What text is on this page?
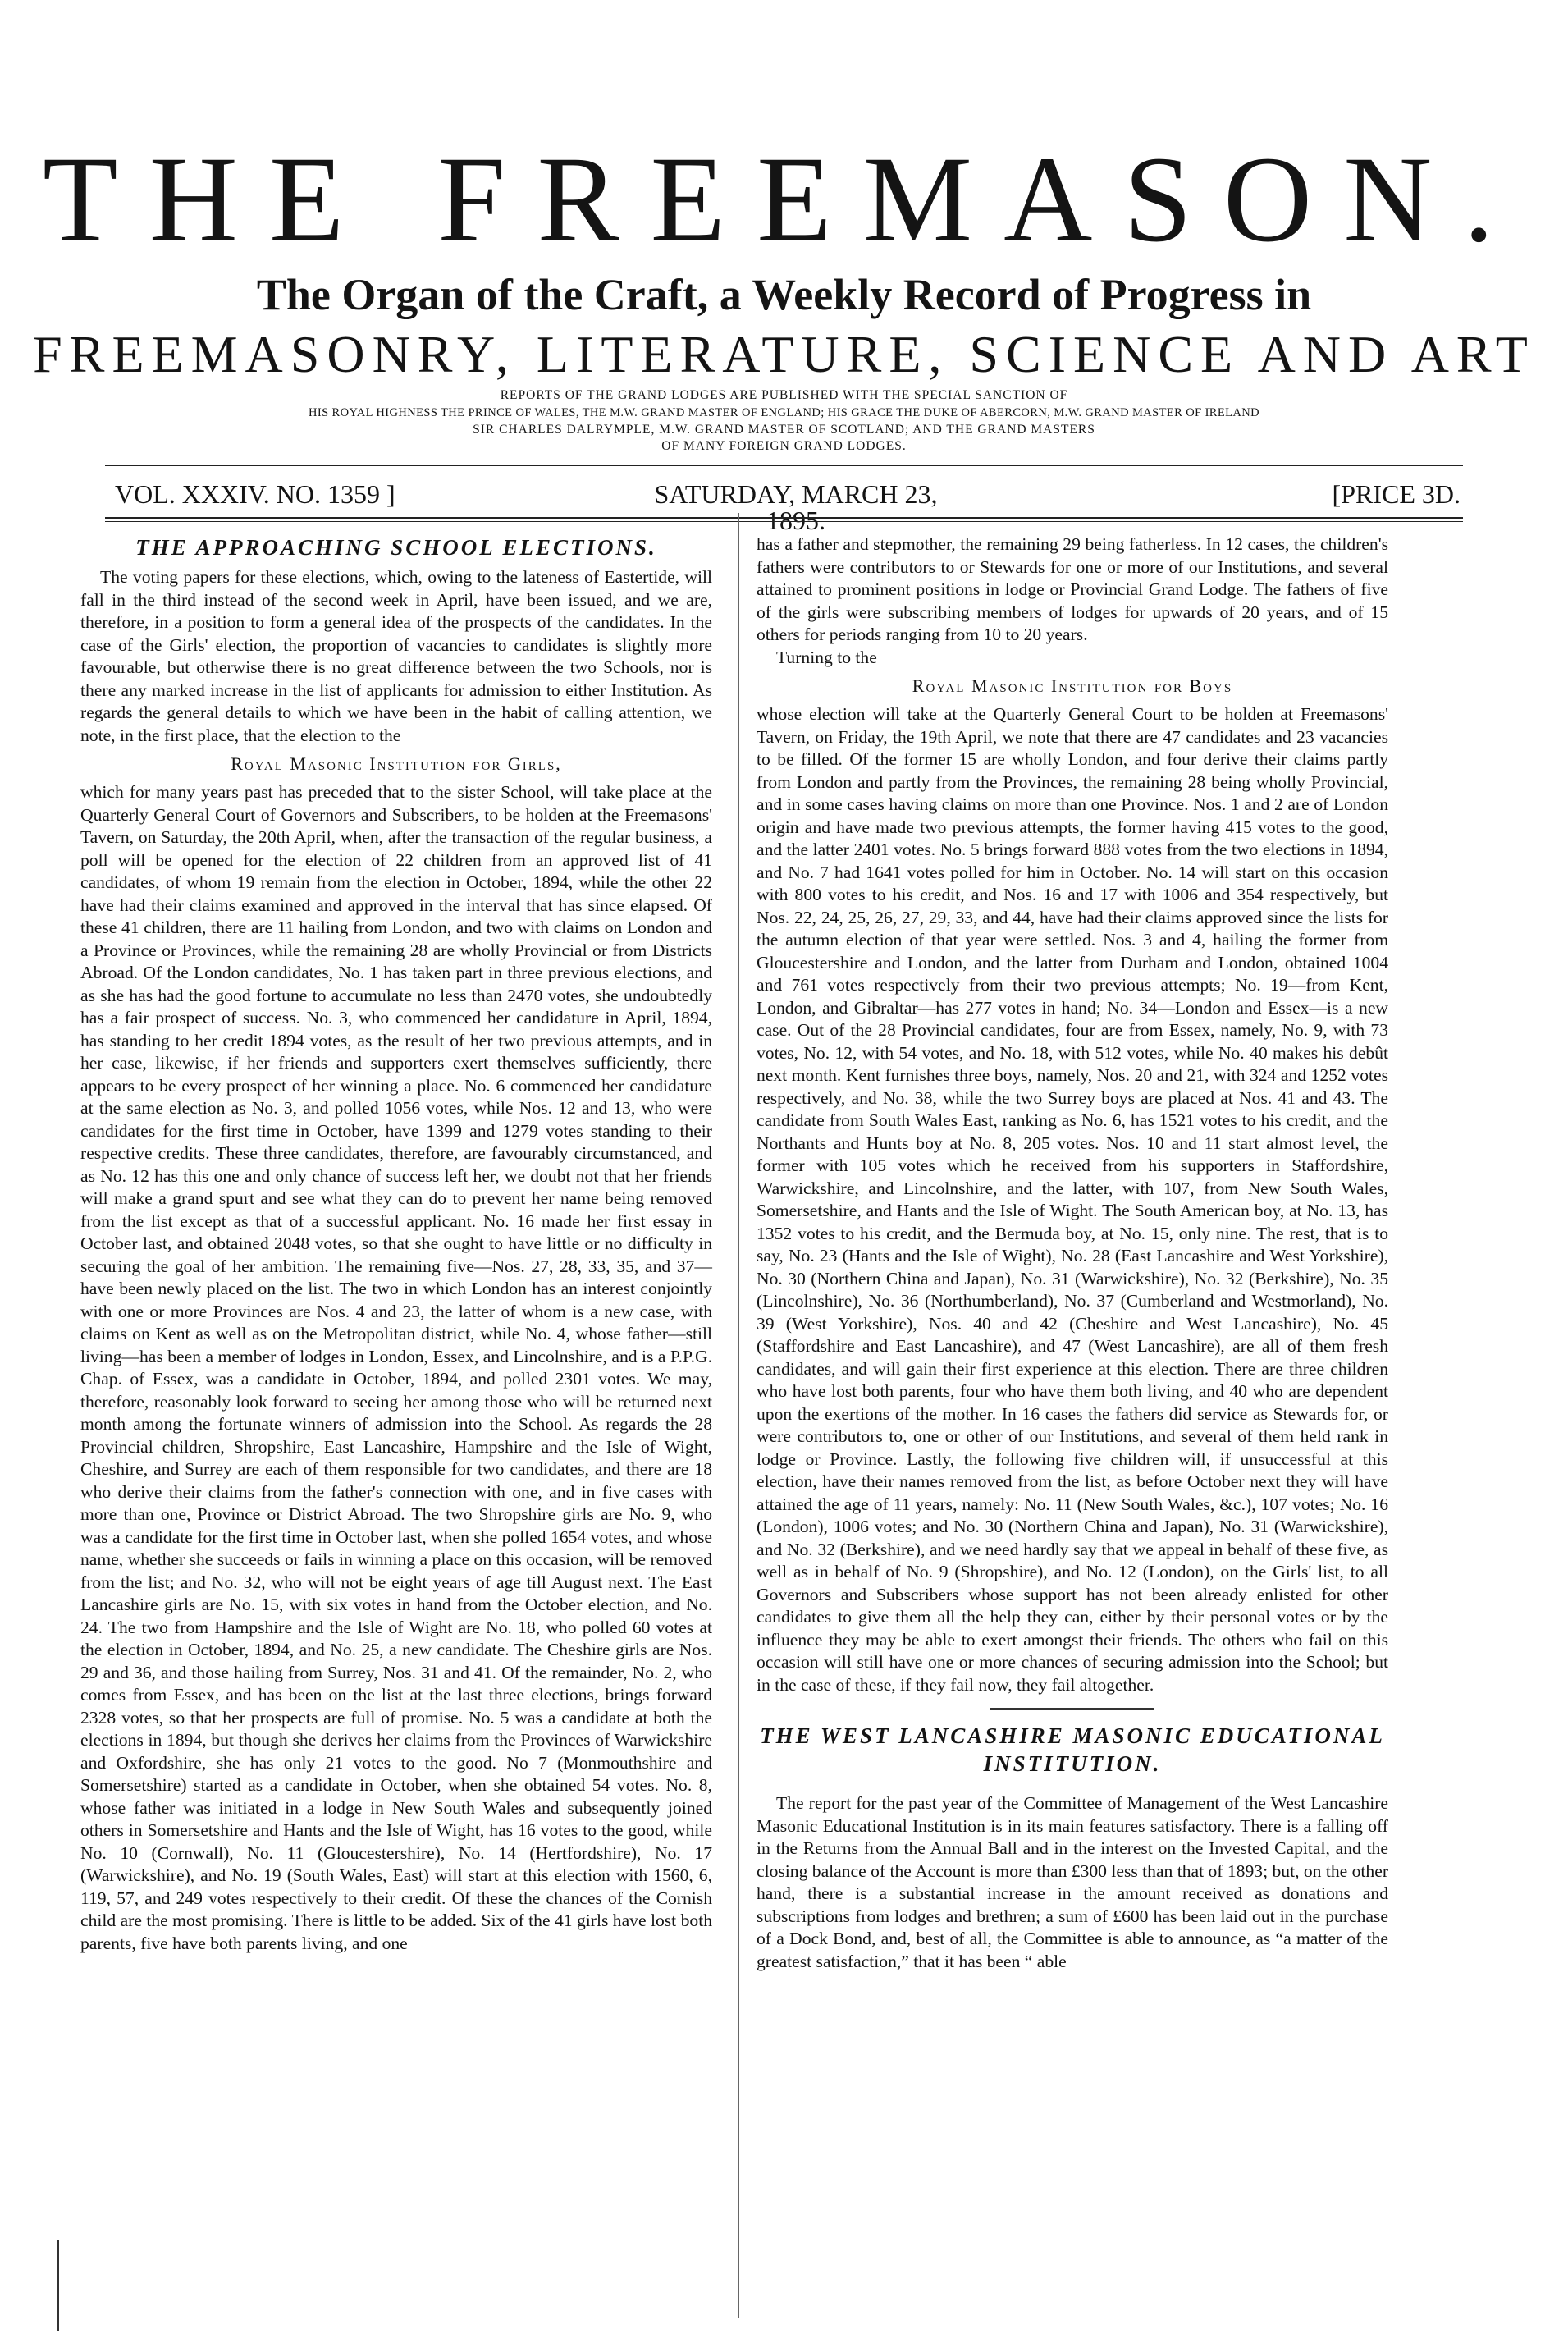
THE FREEMASON.
The Organ of the Craft, a Weekly Record of Progress in
FREEMASONRY, LITERATURE, SCIENCE AND ART
REPORTS OF THE GRAND LODGES ARE PUBLISHED WITH THE SPECIAL SANCTION OF
HIS ROYAL HIGHNESS THE PRINCE OF WALES, THE M.W. GRAND MASTER OF ENGLAND; HIS GRACE THE DUKE OF ABERCORN, M.W. GRAND MASTER OF IRELAND
SIR CHARLES DALRYMPLE, M.W. GRAND MASTER OF SCOTLAND; AND THE GRAND MASTERS
OF MANY FOREIGN GRAND LODGES.
VOL. XXXIV. NO. 1359 ]	SATURDAY, MARCH 23, 1895.
[PRICE 3D.
THE APPROACHING SCHOOL ELECTIONS.

The voting papers for these elections, which, owing to the lateness of Eastertide, will fall in the third instead of the second week in April, have been issued, and we are, therefore, in a position to form a general idea of the prospects of the candidates. In the case of the Girls' election, the proportion of vacancies to candidates is slightly more favourable, but otherwise there is no great difference between the two Schools, nor is there any marked increase in the list of applicants for admission to either Institution. As regards the general details to which we have been in the habit of calling attention, we note, in the first place, that the election to the

Royal Masonic Institution for Girls,

which for many years past has preceded that to the sister School, will take place at the Quarterly General Court of Governors and Subscribers, to be holden at the Freemasons' Tavern, on Saturday, the 20th April, when, after the transaction of the regular business, a poll will be opened for the election of 22 children from an approved list of 41 candidates, of whom 19 remain from the election in October, 1894, while the other 22 have had their claims examined and approved in the interval that has since elapsed. Of these 41 children, there are 11 hailing from London, and two with claims on London and a Province or Provinces, while the remaining 28 are wholly Provincial or from Districts Abroad. Of the London candidates, No. 1 has taken part in three previous elections, and as she has had the good fortune to accumulate no less than 2470 votes, she undoubtedly has a fair prospect of success. No. 3, who commenced her candidature in April, 1894, has standing to her credit 1894 votes, as the result of her two previous attempts, and in her case, likewise, if her friends and supporters exert themselves sufficiently, there appears to be every prospect of her winning a place. No. 6 commenced her candidature at the same election as No. 3, and polled 1056 votes, while Nos. 12 and 13, who were candidates for the first time in October, have 1399 and 1279 votes standing to their respective credits. These three candidates, therefore, are favourably circumstanced, and as No. 12 has this one and only chance of success left her, we doubt not that her friends will make a grand spurt and see what they can do to prevent her name being removed from the list except as that of a successful applicant. No. 16 made her first essay in October last, and obtained 2048 votes, so that she ought to have little or no difficulty in securing the goal of her ambition. The remaining five—Nos. 27, 28, 33, 35, and 37—have been newly placed on the list. The two in which London has an interest conjointly with one or more Provinces are Nos. 4 and 23, the latter of whom is a new case, with claims on Kent as well as on the Metropolitan district, while No. 4, whose father—still living—has been a member of lodges in London, Essex, and Lincolnshire, and is a P.P.G. Chap. of Essex, was a candidate in October, 1894, and polled 2301 votes. We may, therefore, reasonably look forward to seeing her among those who will be returned next month among the fortunate winners of admission into the School. As regards the 28 Provincial children, Shropshire, East Lancashire, Hampshire and the Isle of Wight, Cheshire, and Surrey are each of them responsible for two candidates, and there are 18 who derive their claims from the father's connection with one, and in five cases with more than one, Province or District Abroad. The two Shropshire girls are No. 9, who was a candidate for the first time in October last, when she polled 1654 votes, and whose name, whether she succeeds or fails in winning a place on this occasion, will be removed from the list; and No. 32, who will not be eight years of age till August next. The East Lancashire girls are No. 15, with six votes in hand from the October election, and No. 24. The two from Hampshire and the Isle of Wight are No. 18, who polled 60 votes at the election in October, 1894, and No. 25, a new candidate. The Cheshire girls are Nos. 29 and 36, and those hailing from Surrey, Nos. 31 and 41. Of the remainder, No. 2, who comes from Essex, and has been on the list at the last three elections, brings forward 2328 votes, so that her prospects are full of promise. No. 5 was a candidate at both the elections in 1894, but though she derives her claims from the Provinces of Warwickshire and Oxfordshire, she has only 21 votes to the good. No 7 (Monmouthshire and Somersetshire) started as a candidate in October, when she obtained 54 votes. No. 8, whose father was initiated in a lodge in New South Wales and subsequently joined others in Somersetshire and Hants and the Isle of Wight, has 16 votes to the good, while No. 10 (Cornwall), No. 11 (Gloucestershire), No. 14 (Hertfordshire), No. 17 (Warwickshire), and No. 19 (South Wales, East) will start at this election with 1560, 6, 119, 57, and 249 votes respectively to their credit. Of these the chances of the Cornish child are the most promising. There is little to be added. Six of the 41 girls have lost both parents, five have both parents living, and one

has a father and stepmother, the remaining 29 being fatherless. In 12 cases, the children's fathers were contributors to or Stewards for one or more of our Institutions, and several attained to prominent positions in lodge or Provincial Grand Lodge. The fathers of five of the girls were subscribing members of lodges for upwards of 20 years, and of 15 others for periods ranging from 10 to 20 years.

Turning to the

Royal Masonic Institution for Boys

whose election will take at the Quarterly General Court to be holden at Freemasons' Tavern, on Friday, the 19th April, we note that there are 47 candidates and 23 vacancies to be filled. Of the former 15 are wholly London, and four derive their claims partly from London and partly from the Provinces, the remaining 28 being wholly Provincial, and in some cases having claims on more than one Province. Nos. 1 and 2 are of London origin and have made two previous attempts, the former having 415 votes to the good, and the latter 2401 votes. No. 5 brings forward 888 votes from the two elections in 1894, and No. 7 had 1641 votes polled for him in October. No. 14 will start on this occasion with 800 votes to his credit, and Nos. 16 and 17 with 1006 and 354 respectively, but Nos. 22, 24, 25, 26, 27, 29, 33, and 44, have had their claims approved since the lists for the autumn election of that year were settled. Nos. 3 and 4, hailing the former from Gloucestershire and London, and the latter from Durham and London, obtained 1004 and 761 votes respectively from their two previous attempts; No. 19—from Kent, London, and Gibraltar—has 277 votes in hand; No. 34—London and Essex—is a new case. Out of the 28 Provincial candidates, four are from Essex, namely, No. 9, with 73 votes, No. 12, with 54 votes, and No. 18, with 512 votes, while No. 40 makes his debût next month. Kent furnishes three boys, namely, Nos. 20 and 21, with 324 and 1252 votes respectively, and No. 38, while the two Surrey boys are placed at Nos. 41 and 43. The candidate from South Wales East, ranking as No. 6, has 1521 votes to his credit, and the Northants and Hunts boy at No. 8, 205 votes. Nos. 10 and 11 start almost level, the former with 105 votes which he received from his supporters in Staffordshire, Warwickshire, and Lincolnshire, and the latter, with 107, from New South Wales, Somersetshire, and Hants and the Isle of Wight. The South American boy, at No. 13, has 1352 votes to his credit, and the Bermuda boy, at No. 15, only nine. The rest, that is to say, No. 23 (Hants and the Isle of Wight), No. 28 (East Lancashire and West Yorkshire), No. 30 (Northern China and Japan), No. 31 (Warwickshire), No. 32 (Berkshire), No. 35 (Lincolnshire), No. 36 (Northumberland), No. 37 (Cumberland and Westmorland), No. 39 (West Yorkshire), Nos. 40 and 42 (Cheshire and West Lancashire), No. 45 (Staffordshire and East Lancashire), and 47 (West Lancashire), are all of them fresh candidates, and will gain their first experience at this election. There are three children who have lost both parents, four who have them both living, and 40 who are dependent upon the exertions of the mother. In 16 cases the fathers did service as Stewards for, or were contributors to, one or other of our Institutions, and several of them held rank in lodge or Province. Lastly, the following five children will, if unsuccessful at this election, have their names removed from the list, as before October next they will have attained the age of 11 years, namely: No. 11 (New South Wales, &c.), 107 votes; No. 16 (London), 1006 votes; and No. 30 (Northern China and Japan), No. 31 (Warwickshire), and No. 32 (Berkshire), and we need hardly say that we appeal in behalf of these five, as well as in behalf of No. 9 (Shropshire), and No. 12 (London), on the Girls' list, to all Governors and Subscribers whose support has not been already enlisted for other candidates to give them all the help they can, either by their personal votes or by the influence they may be able to exert amongst their friends. The others who fail on this occasion will still have one or more chances of securing admission into the School; but in the case of these, if they fail now, they fail altogether.

THE WEST LANCASHIRE MASONIC EDUCATIONAL
INSTITUTION.

The report for the past year of the Committee of Management of the West Lancashire Masonic Educational Institution is in its main features satisfactory. There is a falling off in the Returns from the Annual Ball and in the interest on the Invested Capital, and the closing balance of the Account is more than £300 less than that of 1893; but, on the other hand, there is a substantial increase in the amount received as donations and subscriptions from lodges and brethren; a sum of £600 has been laid out in the purchase of a Dock Bond, and, best of all, the Committee is able to announce, as “a matter of the greatest satisfaction,” that it has been “ able
